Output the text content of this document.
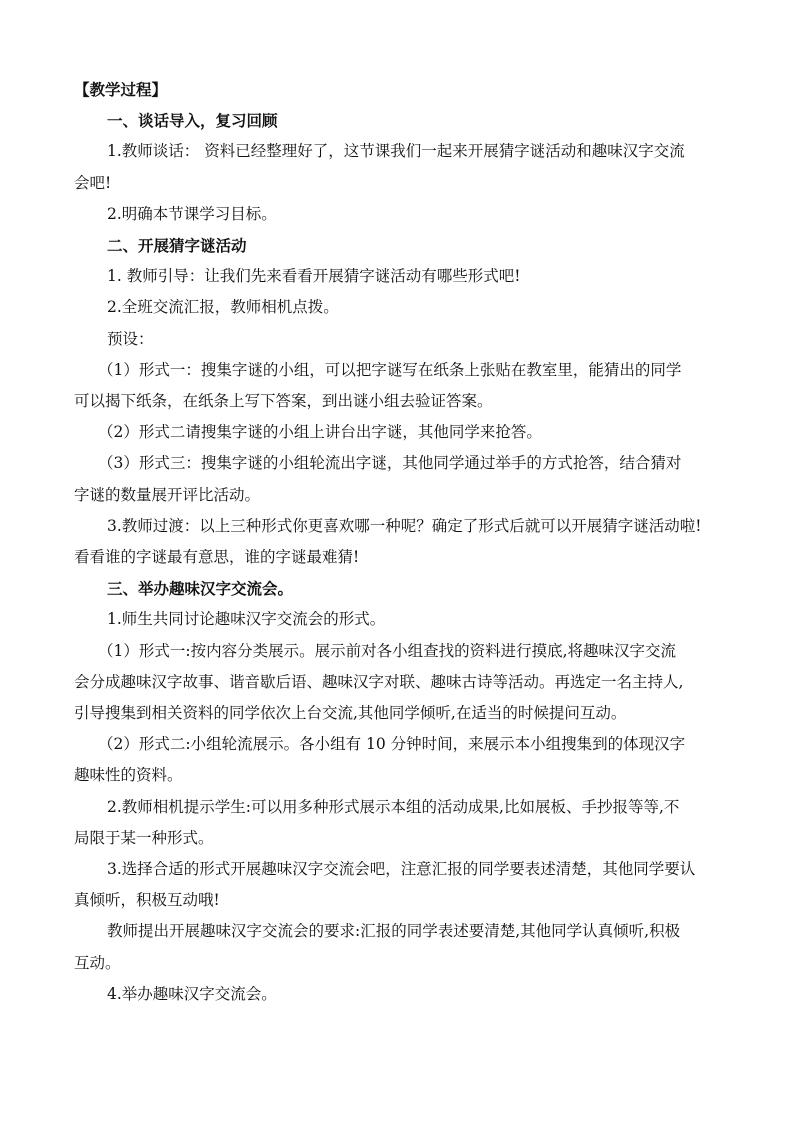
【教学过程】

一、谈话导入，复习回顾

1.教师谈话： 资料已经整理好了，这节课我们一起来开展猜字谜活动和趣味汉字交流

会吧!

2.明确本节课学习目标。

二、开展猜字谜活动

1. 教师引导：让我们先来看看开展猜字谜活动有哪些形式吧!

2.全班交流汇报，教师相机点拨。

预设：

（1）形式一：搜集字谜的小组，可以把字谜写在纸条上张贴在教室里，能猜出的同学

可以揭下纸条，在纸条上写下答案，到出谜小组去验证答案。

（2）形式二请搜集字谜的小组上讲台出字谜，其他同学来抢答。

（3）形式三：搜集字谜的小组轮流出字谜，其他同学通过举手的方式抢答，结合猜对

字谜的数量展开评比活动。

3.教师过渡：以上三种形式你更喜欢哪一种呢？确定了形式后就可以开展猜字谜活动啦!

看看谁的字谜最有意思，谁的字谜最难猜!

三、举办趣味汉字交流会。

1.师生共同讨论趣味汉字交流会的形式。

（1）形式一:按内容分类展示。展示前对各小组查找的资料进行摸底,将趣味汉字交流

会分成趣味汉字故事、谐音歇后语、趣味汉字对联、趣味古诗等活动。再选定一名主持人,

引导搜集到相关资料的同学依次上台交流,其他同学倾听,在适当的时候提问互动。

（2）形式二:小组轮流展示。各小组有 10 分钟时间，来展示本小组搜集到的体现汉字

趣味性的资料。

2.教师相机提示学生:可以用多种形式展示本组的活动成果,比如展板、手抄报等等,不

局限于某一种形式。

3.选择合适的形式开展趣味汉字交流会吧，注意汇报的同学要表述清楚，其他同学要认

真倾听，积极互动哦!

教师提出开展趣味汉字交流会的要求:汇报的同学表述要清楚,其他同学认真倾听,积极

互动。

4.举办趣味汉字交流会。
